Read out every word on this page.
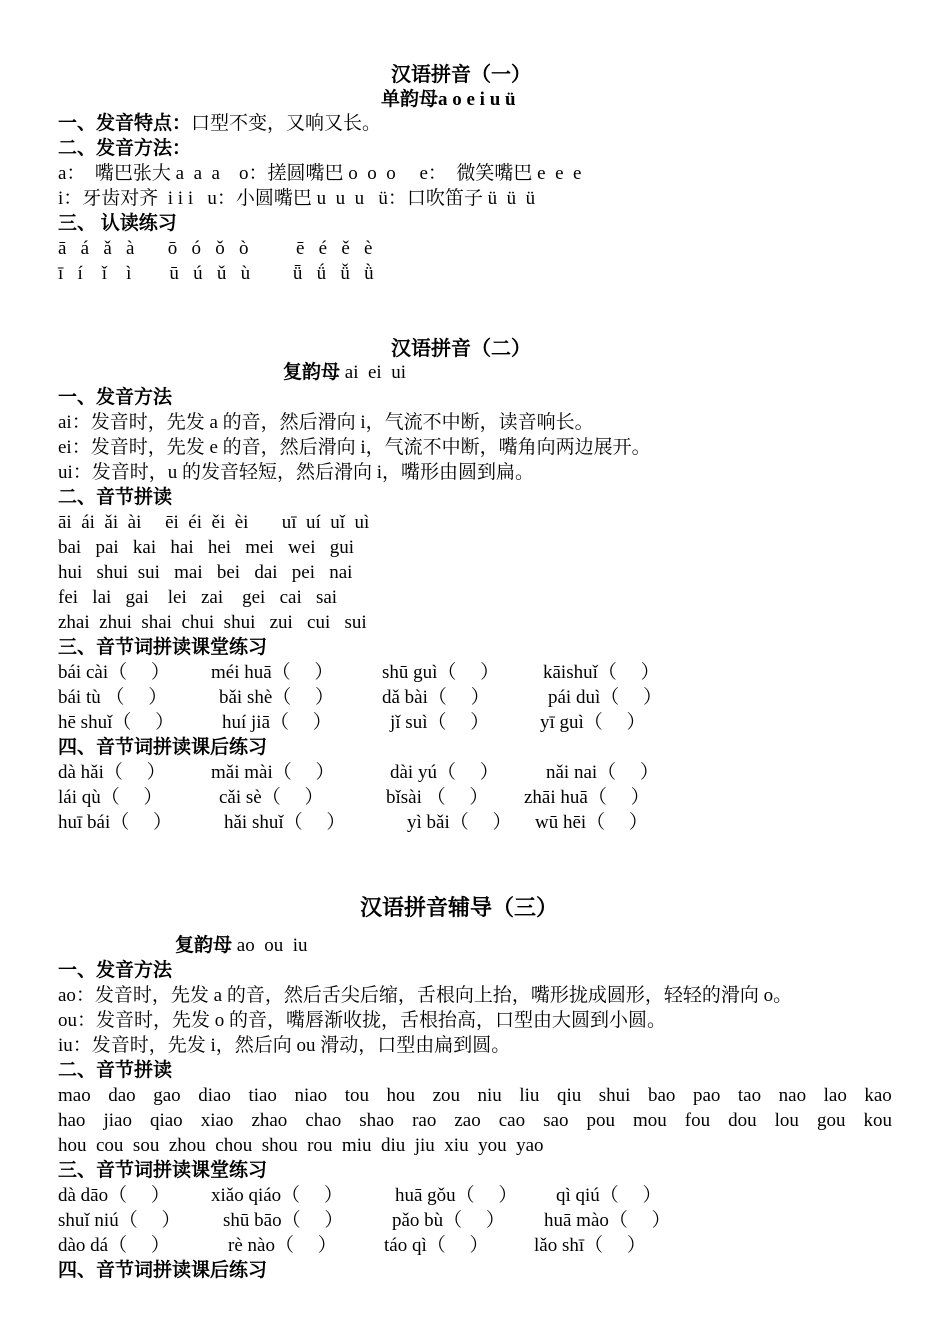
汉语拼音（一）
单韵母a o e i u ü
一、发音特点：口型不变，又响又长。
二、发音方法：
a：  嘴巴张大 a  a  a    o：搓圆嘴巴 o  o  o     e：  微笑嘴巴 e  e  e
i：牙齿对齐  i i i   u：小圆嘴巴 u  u  u   ü：口吹笛子 ü  ü  ü
三、 认读练习
ā   á   ǎ   à       ō   ó   ǒ   ò          ē   é   ě   è
ī   í    ǐ    ì        ū   ú   ǔ   ù         ǖ   ǘ   ǚ   ǜ
汉语拼音（二）
复韵母 ai  ei  ui
一、发音方法
ai：发音时，先发 a 的音，然后滑向 i，气流不中断，读音响长。
ei：发音时，先发 e 的音，然后滑向 i，气流不中断，嘴角向两边展开。
ui：发音时，u 的发音轻短，然后滑向 i，嘴形由圆到扁。
二、音节拼读
āi  ái  ǎi  ài     ēi  éi  ěi  èi       uī  uí  uǐ  uì
bai   pai   kai   hai   hei   mei   wei   gui
hui   shui  sui   mai   bei   dai   pei   nai
fei   lai   gai    lei   zai    gei   cai   sai
zhai  zhui  shai  chui  shui   zui   cui   sui
三、音节词拼读课堂练习
bái cài（     ） méi huā（     ）	shū guì（     ） kāishuǐ（     ）
bái tù （     ）	bǎi shè（     ）	dǎ bài（     ）	pái duì（     ）
hē shuǐ（     ）	huí jiā（     ）	jǐ suì（     ）	yī guì（     ）
四、音节词拼读课后练习
dà hǎi（     ） mǎi mài（     ）	dài yú（     ） nǎi nai（     ）
lái qù（     ）	cǎi sè（     ）	bǐsài （     ） zhāi huā（     ）
huī bái（     ）	hǎi shuǐ（     ）	yì bǎi（     ） wū hēi（     ）
汉语拼音辅导（三）
复韵母 ao  ou  iu
一、发音方法
ao：发音时，先发 a 的音，然后舌尖后缩，舌根向上抬，嘴形拢成圆形，轻轻的滑向 o。
ou：发音时，先发 o 的音，嘴唇渐收拢，舌根抬高，口型由大圆到小圆。
iu：发音时，先发 i，然后向 ou 滑动，口型由扁到圆。
二、音节拼读
mao dao gao diao tiao niao tou hou zou niu liu qiu shui bao pao tao nao lao kao
hao jiao qiao xiao zhao chao shao rao zao cao sao pou mou fou dou lou gou kou
hou  cou  sou  zhou  chou  shou  rou  miu  diu  jiu  xiu  you  yao
三、音节词拼读课堂练习
dà dāo（     ） xiǎo qiáo（     ）	huā gǒu（     ） qì qiú（     ）
shuǐ niú（     ） shū bāo（     ）	pǎo bù（     ） huā mào（     ）
dào dá（     ）	rè nào（     ） táo qì（     ） lǎo shī（     ）
四、音节词拼读课后练习
